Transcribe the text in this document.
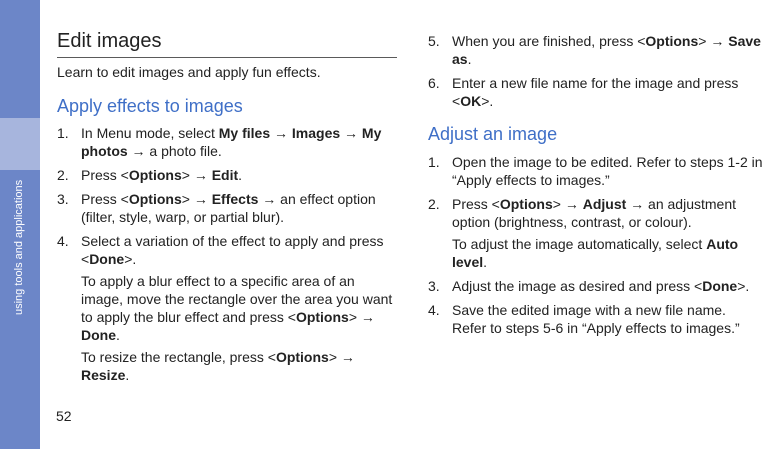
using tools and applications
52
Edit images

Learn to edit images and apply fun effects.

Apply effects to images
1. In Menu mode, select My files → Images → My photos → a photo file.
2. Press <Options> → Edit.
3. Press <Options> → Effects → an effect option (filter, style, warp, or partial blur).
4. Select a variation of the effect to apply and press <Done>.
To apply a blur effect to a specific area of an image, move the rectangle over the area you want to apply the blur effect and press <Options> → Done.
To resize the rectangle, press <Options> → Resize.
5. When you are finished, press <Options> → Save as.
6. Enter a new file name for the image and press <OK>.
Adjust an image
1. Open the image to be edited. Refer to steps 1-2 in “Apply effects to images.”
2. Press <Options> → Adjust → an adjustment option (brightness, contrast, or colour).
To adjust the image automatically, select Auto level.
3. Adjust the image as desired and press <Done>.
4. Save the edited image with a new file name. Refer to steps 5-6 in “Apply effects to images.”
